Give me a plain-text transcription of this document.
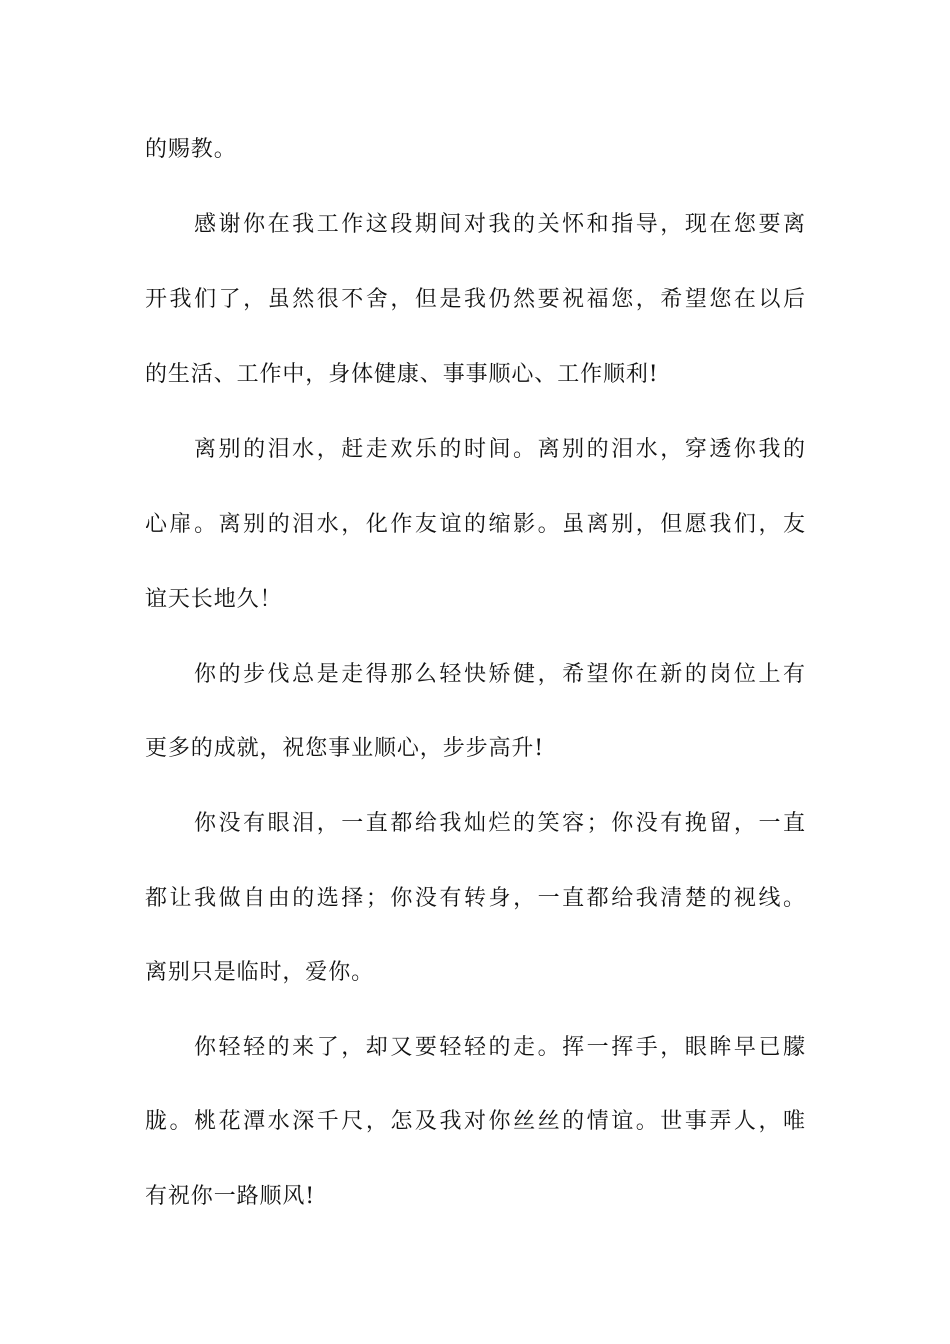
的赐教。
感谢你在我工作这段期间对我的关怀和指导，现在您要离
开我们了，虽然很不舍，但是我仍然要祝福您，希望您在以后
的生活、工作中，身体健康、事事顺心、工作顺利!
离别的泪水，赶走欢乐的时间。离别的泪水，穿透你我的
心扉。离别的泪水，化作友谊的缩影。虽离别，但愿我们，友
谊天长地久！
你的步伐总是走得那么轻快矫健，希望你在新的岗位上有
更多的成就，祝您事业顺心，步步高升!
你没有眼泪，一直都给我灿烂的笑容；你没有挽留，一直
都让我做自由的选择；你没有转身，一直都给我清楚的视线。
离别只是临时，爱你。
你轻轻的来了，却又要轻轻的走。挥一挥手，眼眸早已朦
胧。桃花潭水深千尺，怎及我对你丝丝的情谊。世事弄人，唯
有祝你一路顺风!
